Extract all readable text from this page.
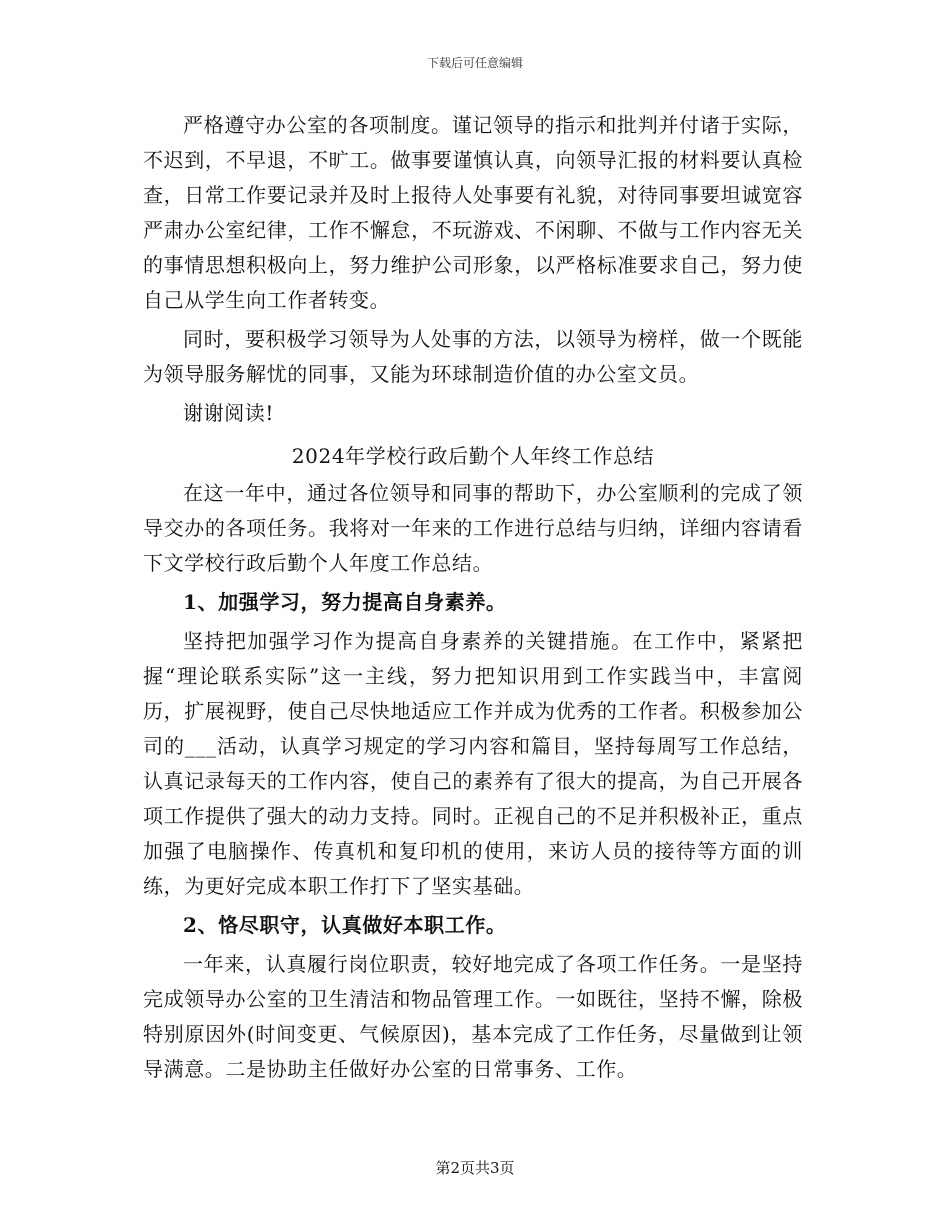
下载后可任意编辑

严格遵守办公室的各项制度。谨记领导的指示和批判并付诸于实际，不迟到，不早退，不旷工。做事要谨慎认真，向领导汇报的材料要认真检查，日常工作要记录并及时上报待人处事要有礼貌，对待同事要坦诚宽容严肃办公室纪律，工作不懈怠，不玩游戏、不闲聊、不做与工作内容无关的事情思想积极向上，努力维护公司形象，以严格标准要求自己，努力使自己从学生向工作者转变。

同时，要积极学习领导为人处事的方法，以领导为榜样，做一个既能为领导服务解忧的同事，又能为环球制造价值的办公室文员。

谢谢阅读!

2024年学校行政后勤个人年终工作总结

在这一年中，通过各位领导和同事的帮助下，办公室顺利的完成了领导交办的各项任务。我将对一年来的工作进行总结与归纳，详细内容请看下文学校行政后勤个人年度工作总结。

1、加强学习，努力提高自身素养。

坚持把加强学习作为提高自身素养的关键措施。在工作中，紧紧把握“理论联系实际”这一主线，努力把知识用到工作实践当中，丰富阅历，扩展视野，使自己尽快地适应工作并成为优秀的工作者。积极参加公司的___活动，认真学习规定的学习内容和篇目，坚持每周写工作总结，认真记录每天的工作内容，使自己的素养有了很大的提高，为自己开展各项工作提供了强大的动力支持。同时。正视自己的不足并积极补正，重点加强了电脑操作、传真机和复印机的使用，来访人员的接待等方面的训练，为更好完成本职工作打下了坚实基础。

2、恪尽职守，认真做好本职工作。

一年来，认真履行岗位职责，较好地完成了各项工作任务。一是坚持完成领导办公室的卫生清洁和物品管理工作。一如既往，坚持不懈，除极特别原因外(时间变更、气候原因)，基本完成了工作任务，尽量做到让领导满意。二是协助主任做好办公室的日常事务、工作。

第2页共3页
